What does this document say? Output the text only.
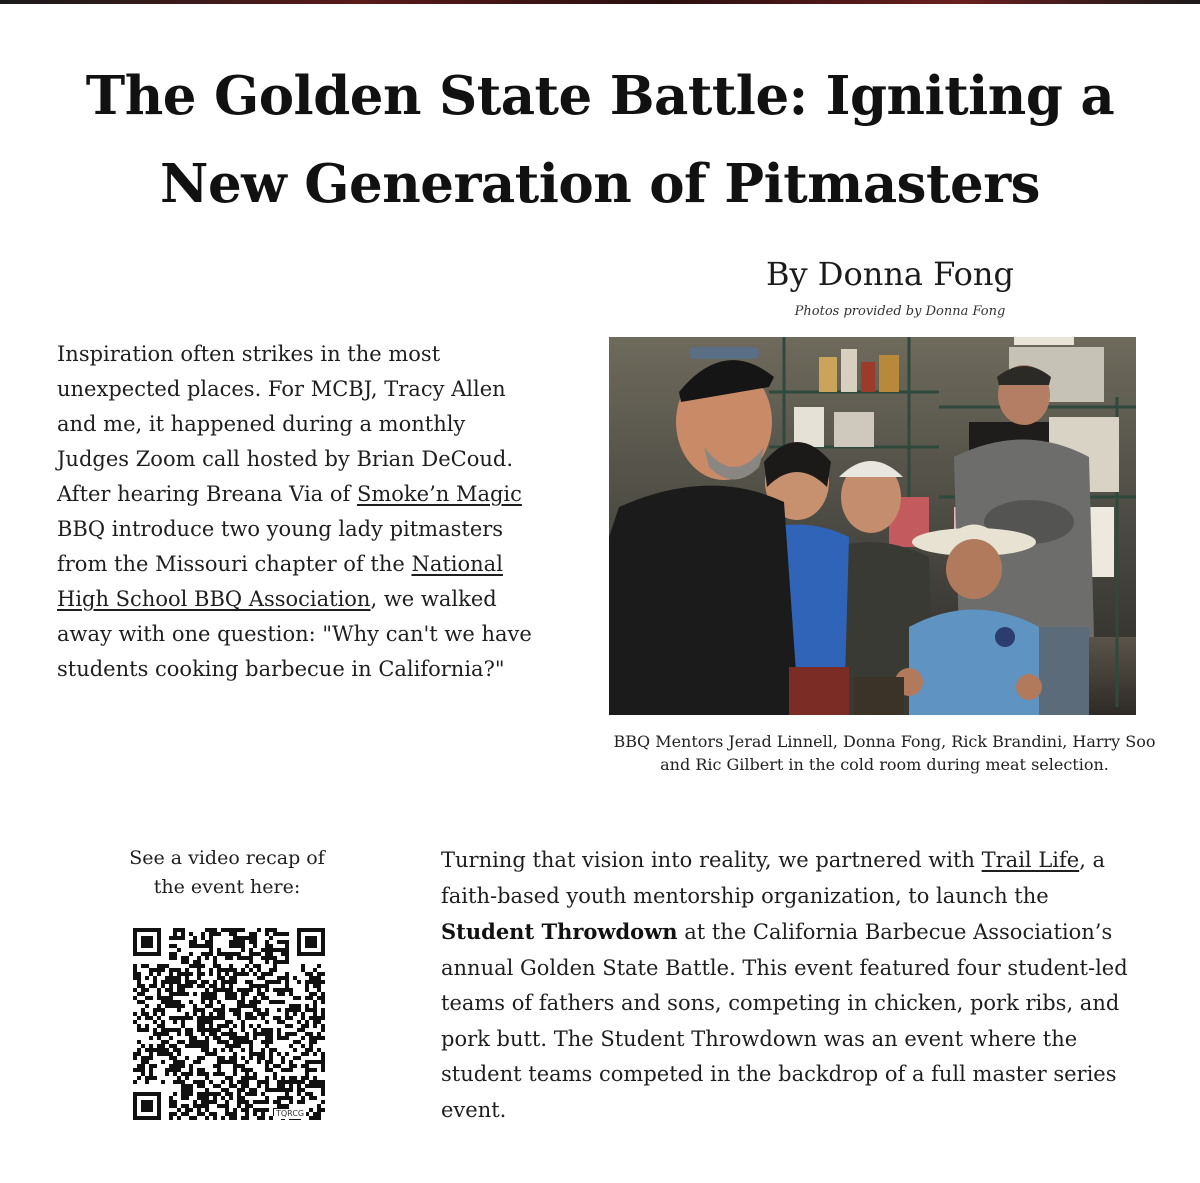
The Golden State Battle: Igniting a New Generation of Pitmasters
By Donna Fong
Photos provided by Donna Fong

Inspiration often strikes in the most unexpected places. For MCBJ, Tracy Allen and me, it happened during a monthly Judges Zoom call hosted by Brian DeCoud. After hearing Breana Via of Smoke’n Magic BBQ introduce two young lady pitmasters from the Missouri chapter of the National High School BBQ Association, we walked away with one question: "Why can't we have students cooking barbecue in California?"

BBQ Mentors Jerad Linnell, Donna Fong, Rick Brandini, Harry Soo and Ric Gilbert in the cold room during meat selection.
See a video recap of the event here:
TQRCG

Turning that vision into reality, we partnered with Trail Life, a faith-based youth mentorship organization, to launch the Student Throwdown at the California Barbecue Association’s annual Golden State Battle. This event featured four student-led teams of fathers and sons, competing in chicken, pork ribs, and pork butt. The Student Throwdown was an event where the student teams competed in the backdrop of a full master series event.
